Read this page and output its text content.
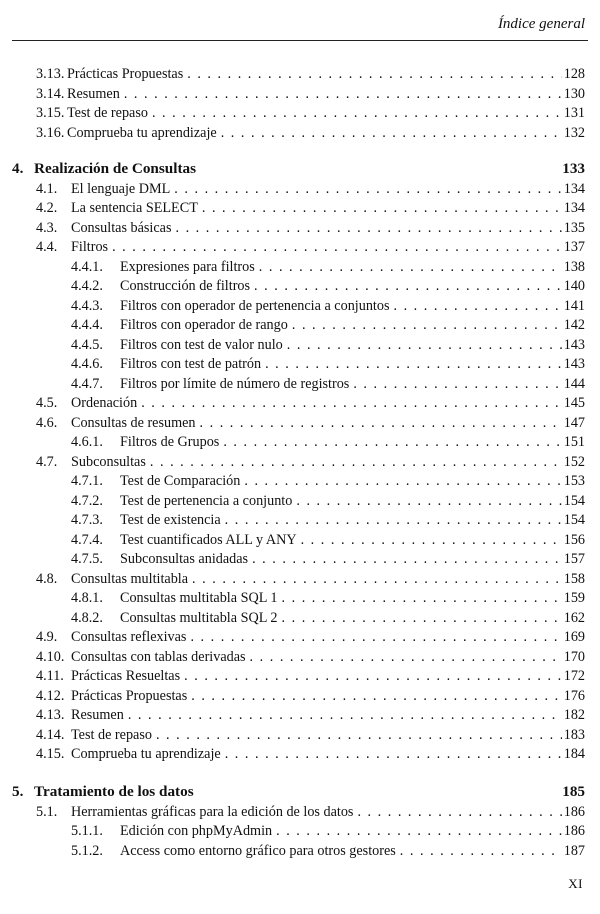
Índice general
3.13. Prácticas Propuestas . . .	128
3.14. Resumen . . .	130
3.15. Test de repaso . . .	131
3.16. Comprueba tu aprendizaje . . .	132
4. Realización de Consultas	133
4.1. El lenguaje DML . . .	134
4.2. La sentencia SELECT . . .	134
4.3. Consultas básicas . . .	135
4.4. Filtros . . .	137
4.4.1. Expresiones para filtros . . .	138
4.4.2. Construcción de filtros . . .	140
4.4.3. Filtros con operador de pertenencia a conjuntos . . .	141
4.4.4. Filtros con operador de rango . . .	142
4.4.5. Filtros con test de valor nulo . . .	143
4.4.6. Filtros con test de patrón . . .	143
4.4.7. Filtros por límite de número de registros . . .	144
4.5. Ordenación . . .	145
4.6. Consultas de resumen . . .	147
4.6.1. Filtros de Grupos . . .	151
4.7. Subconsultas . . .	152
4.7.1. Test de Comparación . . .	153
4.7.2. Test de pertenencia a conjunto . . .	154
4.7.3. Test de existencia . . .	154
4.7.4. Test cuantificados ALL y ANY . . .	156
4.7.5. Subconsultas anidadas . . .	157
4.8. Consultas multitabla . . .	158
4.8.1. Consultas multitabla SQL 1 . . .	159
4.8.2. Consultas multitabla SQL 2 . . .	162
4.9. Consultas reflexivas . . .	169
4.10. Consultas con tablas derivadas . . .	170
4.11. Prácticas Resueltas . . .	172
4.12. Prácticas Propuestas . . .	176
4.13. Resumen . . .	182
4.14. Test de repaso . . .	183
4.15. Comprueba tu aprendizaje . . .	184
5. Tratamiento de los datos	185
5.1. Herramientas gráficas para la edición de los datos . . .	186
5.1.1. Edición con phpMyAdmin . . .	186
5.1.2. Access como entorno gráfico para otros gestores . . .	187
XI
